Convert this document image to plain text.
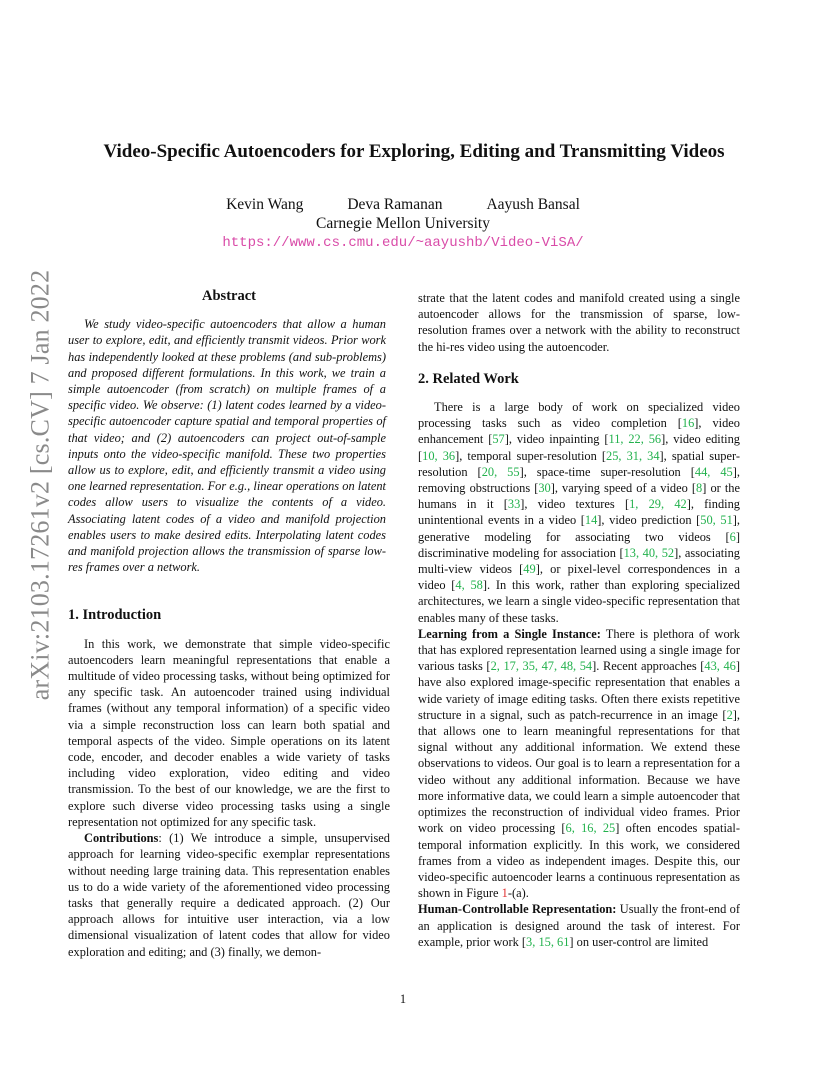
arXiv:2103.17261v2 [cs.CV] 7 Jan 2022
Video-Specific Autoencoders for Exploring, Editing and Transmitting Videos
Kevin Wang	Deva Ramanan	Aayush Bansal
Carnegie Mellon University
https://www.cs.cmu.edu/~aayushb/Video-ViSA/
Abstract

We study video-specific autoencoders that allow a human user to explore, edit, and efficiently transmit videos. Prior work has independently looked at these problems (and sub-problems) and proposed different formulations. In this work, we train a simple autoencoder (from scratch) on multiple frames of a specific video. We observe: (1) latent codes learned by a video-specific autoencoder capture spatial and temporal properties of that video; and (2) autoencoders can project out-of-sample inputs onto the video-specific manifold. These two properties allow us to explore, edit, and efficiently transmit a video using one learned representation. For e.g., linear operations on latent codes allow users to visualize the contents of a video. Associating latent codes of a video and manifold projection enables users to make desired edits. Interpolating latent codes and manifold projection allows the transmission of sparse low-res frames over a network.

1. Introduction

In this work, we demonstrate that simple video-specific autoencoders learn meaningful representations that enable a multitude of video processing tasks, without being optimized for any specific task. An autoencoder trained using individual frames (without any temporal information) of a specific video via a simple reconstruction loss can learn both spatial and temporal aspects of the video. Simple operations on its latent code, encoder, and decoder enables a wide variety of tasks including video exploration, video editing and video transmission. To the best of our knowledge, we are the first to explore such diverse video processing tasks using a single representation not optimized for any specific task.

Contributions: (1) We introduce a simple, unsupervised approach for learning video-specific exemplar representations without needing large training data. This representation enables us to do a wide variety of the aforementioned video processing tasks that generally require a dedicated approach. (2) Our approach allows for intuitive user interaction, via a low dimensional visualization of latent codes that allow for video exploration and editing; and (3) finally, we demon-

strate that the latent codes and manifold created using a single autoencoder allows for the transmission of sparse, low-resolution frames over a network with the ability to reconstruct the hi-res video using the autoencoder.

2. Related Work

There is a large body of work on specialized video processing tasks such as video completion [16], video enhancement [57], video inpainting [11, 22, 56], video editing [10, 36], temporal super-resolution [25, 31, 34], spatial super-resolution [20, 55], space-time super-resolution [44, 45], removing obstructions [30], varying speed of a video [8] or the humans in it [33], video textures [1, 29, 42], finding unintentional events in a video [14], video prediction [50, 51], generative modeling for associating two videos [6] discriminative modeling for association [13, 40, 52], associating multi-view videos [49], or pixel-level correspondences in a video [4, 58]. In this work, rather than exploring specialized architectures, we learn a single video-specific representation that enables many of these tasks.

Learning from a Single Instance: There is plethora of work that has explored representation learned using a single image for various tasks [2, 17, 35, 47, 48, 54]. Recent approaches [43, 46] have also explored image-specific representation that enables a wide variety of image editing tasks. Often there exists repetitive structure in a signal, such as patch-recurrence in an image [2], that allows one to learn meaningful representations for that signal without any additional information. We extend these observations to videos. Our goal is to learn a representation for a video without any additional information. Because we have more informative data, we could learn a simple autoencoder that optimizes the reconstruction of individual video frames. Prior work on video processing [6, 16, 25] often encodes spatial-temporal information explicitly. In this work, we considered frames from a video as independent images. Despite this, our video-specific autoencoder learns a continuous representation as shown in Figure 1-(a).

Human-Controllable Representation: Usually the front-end of an application is designed around the task of interest. For example, prior work [3, 15, 61] on user-control are limited

1
